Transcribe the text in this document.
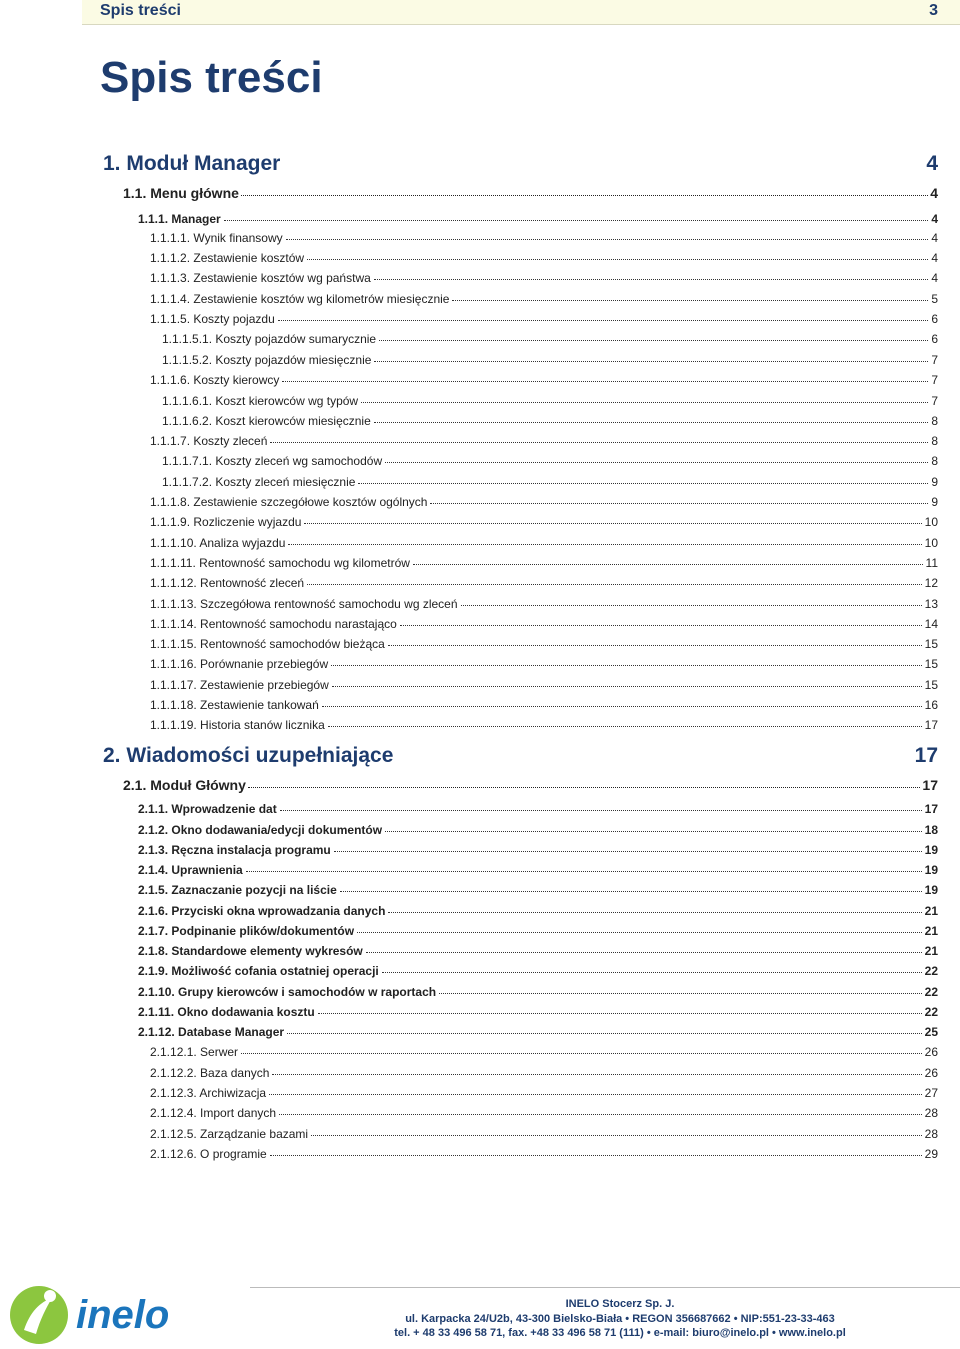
Spis treści	3
Spis treści
1. Moduł Manager	4
1.1. Menu główne	4
1.1.1. Manager	4
1.1.1.1. Wynik finansowy	4
1.1.1.2. Zestawienie kosztów	4
1.1.1.3. Zestawienie kosztów wg państwa	4
1.1.1.4. Zestawienie kosztów wg kilometrów miesięcznie	5
1.1.1.5. Koszty pojazdu	6
1.1.1.5.1. Koszty pojazdów sumarycznie	6
1.1.1.5.2. Koszty pojazdów miesięcznie	7
1.1.1.6. Koszty kierowcy	7
1.1.1.6.1. Koszt kierowców wg typów	7
1.1.1.6.2. Koszt kierowców miesięcznie	8
1.1.1.7. Koszty zleceń	8
1.1.1.7.1. Koszty zleceń wg samochodów	8
1.1.1.7.2. Koszty zleceń miesięcznie	9
1.1.1.8. Zestawienie szczegółowe kosztów ogólnych	9
1.1.1.9. Rozliczenie wyjazdu	10
1.1.1.10. Analiza wyjazdu	10
1.1.1.11. Rentowność samochodu wg kilometrów	11
1.1.1.12. Rentowność zleceń	12
1.1.1.13. Szczegółowa rentowność samochodu wg zleceń	13
1.1.1.14. Rentowność samochodu narastająco	14
1.1.1.15. Rentowność samochodów bieżąca	15
1.1.1.16. Porównanie przebiegów	15
1.1.1.17. Zestawienie przebiegów	15
1.1.1.18. Zestawienie tankowań	16
1.1.1.19. Historia stanów licznika	17
2. Wiadomości uzupełniające	17
2.1. Moduł Główny	17
2.1.1. Wprowadzenie dat	17
2.1.2. Okno dodawania/edycji dokumentów	18
2.1.3. Ręczna instalacja programu	19
2.1.4. Uprawnienia	19
2.1.5. Zaznaczanie pozycji na liście	19
2.1.6. Przyciski okna wprowadzania danych	21
2.1.7. Podpinanie plików/dokumentów	21
2.1.8. Standardowe elementy wykresów	21
2.1.9. Możliwość cofania ostatniej operacji	22
2.1.10. Grupy kierowców i samochodów w raportach	22
2.1.11. Okno dodawania kosztu	22
2.1.12. Database Manager	25
2.1.12.1. Serwer	26
2.1.12.2. Baza danych	26
2.1.12.3. Archiwizacja	27
2.1.12.4. Import danych	28
2.1.12.5. Zarządzanie bazami	28
2.1.12.6. O programie	29
inelo	INELO Stocerz Sp. J.
ul. Karpacka 24/U2b, 43-300 Bielsko-Biała • REGON 356687662 • NIP:551-23-33-463
tel. + 48 33 496 58 71, fax. +48 33 496 58 71 (111) • e-mail: biuro@inelo.pl • www.inelo.pl
